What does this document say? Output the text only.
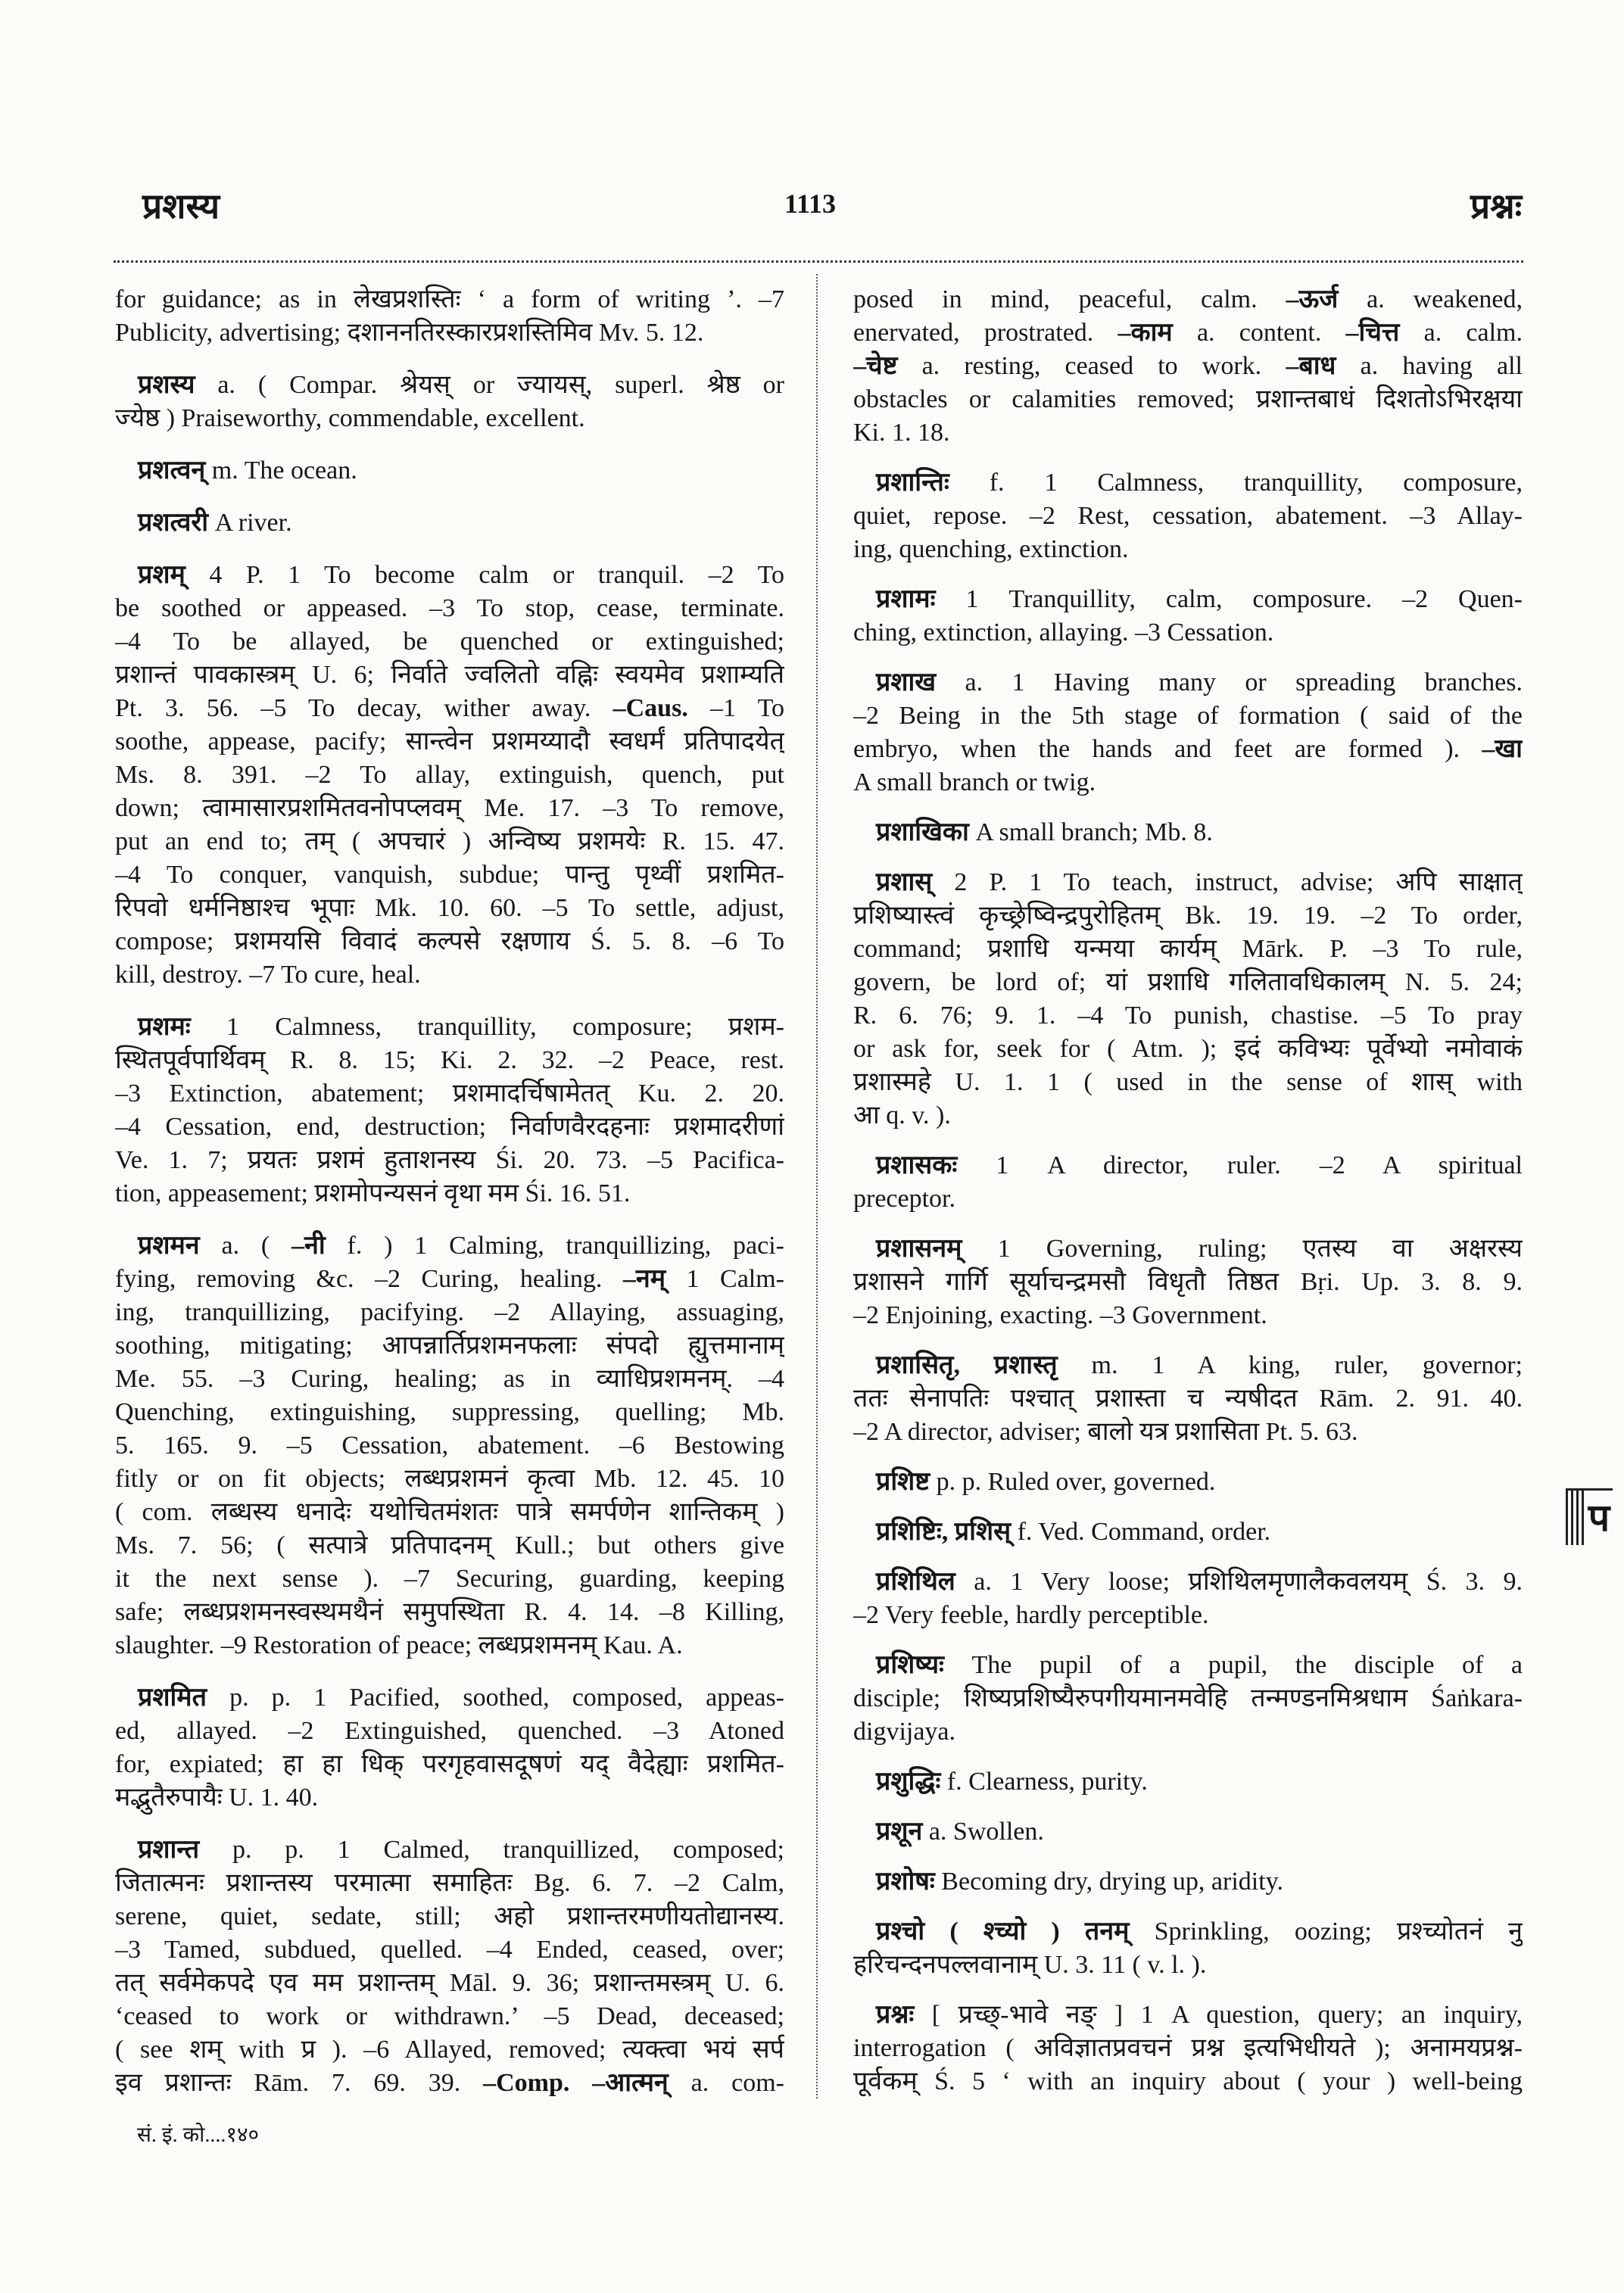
प्रशस्य	1113	प्रश्नः
for guidance; as in लेखप्रशस्तिः ‘ a form of writing ’. –7
Publicity, advertising; दशाननतिरस्कारप्रशस्तिमिव Mv. 5. 12.
प्रशस्य a. ( Compar. श्रेयस् or ज्यायस्, superl. श्रेष्ठ or
ज्येष्ठ ) Praiseworthy, commendable, excellent.
प्रशत्वन् m. The ocean.
प्रशत्वरी A river.
प्रशम् 4 P. 1 To become calm or tranquil. –2 To
be soothed or appeased. –3 To stop, cease, terminate.
–4 To be allayed, be quenched or extinguished;
प्रशान्तं पावकास्त्रम् U. 6; निर्वाते ज्वलितो वह्निः स्वयमेव प्रशाम्यति
Pt. 3. 56. –5 To decay, wither away. –Caus. –1 To
soothe, appease, pacify; सान्त्वेन प्रशमय्यादौ स्वधर्मं प्रतिपादयेत्
Ms. 8. 391. –2 To allay, extinguish, quench, put
down; त्वामासारप्रशमितवनोपप्लवम् Me. 17. –3 To remove,
put an end to; तम् ( अपचारं ) अन्विष्य प्रशमयेः R. 15. 47.
–4 To conquer, vanquish, subdue; पान्तु पृथ्वीं प्रशमित-
रिपवो धर्मनिष्ठाश्च भूपाः Mk. 10. 60. –5 To settle, adjust,
compose; प्रशमयसि विवादं कल्पसे रक्षणाय Ś. 5. 8. –6 To
kill, destroy. –7 To cure, heal.
प्रशमः 1 Calmness, tranquillity, composure; प्रशम-
स्थितपूर्वपार्थिवम् R. 8. 15; Ki. 2. 32. –2 Peace, rest.
–3 Extinction, abatement; प्रशमादर्चिषामेतत् Ku. 2. 20.
–4 Cessation, end, destruction; निर्वाणवैरदहनाः प्रशमादरीणां
Ve. 1. 7; प्रयतः प्रशमं हुताशनस्य Śi. 20. 73. –5 Pacifica-
tion, appeasement; प्रशमोपन्यसनं वृथा मम Śi. 16. 51.
प्रशमन a. ( –नी f. ) 1 Calming, tranquillizing, paci-
fying, removing &c. –2 Curing, healing. –नम् 1 Calm-
ing, tranquillizing, pacifying. –2 Allaying, assuaging,
soothing, mitigating; आपन्नार्तिप्रशमनफलाः संपदो ह्युत्तमानाम्
Me. 55. –3 Curing, healing; as in व्याधिप्रशमनम्. –4
Quenching, extinguishing, suppressing, quelling; Mb.
5. 165. 9. –5 Cessation, abatement. –6 Bestowing
fitly or on fit objects; लब्धप्रशमनं कृत्वा Mb. 12. 45. 10
( com. लब्धस्य धनादेः यथोचितमंशतः पात्रे समर्पणेन शान्तिकम् )
Ms. 7. 56; ( सत्पात्रे प्रतिपादनम् Kull.; but others give
it the next sense ). –7 Securing, guarding, keeping
safe; लब्धप्रशमनस्वस्थमथैनं समुपस्थिता R. 4. 14. –8 Killing,
slaughter. –9 Restoration of peace; लब्धप्रशमनम् Kau. A.
प्रशमित p. p. 1 Pacified, soothed, composed, appeas-
ed, allayed. –2 Extinguished, quenched. –3 Atoned
for, expiated; हा हा धिक् परगृहवासदूषणं यद् वैदेह्याः प्रशमित-
मद्भुतैरुपायैः U. 1. 40.
प्रशान्त p. p. 1 Calmed, tranquillized, composed;
जितात्मनः प्रशान्तस्य परमात्मा समाहितः Bg. 6. 7. –2 Calm,
serene, quiet, sedate, still; अहो प्रशान्तरमणीयतोद्यानस्य.
–3 Tamed, subdued, quelled. –4 Ended, ceased, over;
तत् सर्वमेकपदे एव मम प्रशान्तम् Māl. 9. 36; प्रशान्तमस्त्रम् U. 6.
‘ceased to work or withdrawn.’ –5 Dead, deceased;
( see शम् with प्र ). –6 Allayed, removed; त्यक्त्वा भयं सर्प
इव प्रशान्तः Rām. 7. 69. 39. –Comp. –आत्मन् a. com-
posed in mind, peaceful, calm. –ऊर्ज a. weakened,
enervated, prostrated. –काम a. content. –चित्त a. calm.
–चेष्ट a. resting, ceased to work. –बाध a. having all
obstacles or calamities removed; प्रशान्तबाधं दिशतोऽभिरक्षया
Ki. 1. 18.
प्रशान्तिः f. 1 Calmness, tranquillity, composure,
quiet, repose. –2 Rest, cessation, abatement. –3 Allay-
ing, quenching, extinction.
प्रशामः 1 Tranquillity, calm, composure. –2 Quen-
ching, extinction, allaying. –3 Cessation.
प्रशाख a. 1 Having many or spreading branches.
–2 Being in the 5th stage of formation ( said of the
embryo, when the hands and feet are formed ). –खा
A small branch or twig.
प्रशाखिका A small branch; Mb. 8.
प्रशास् 2 P. 1 To teach, instruct, advise; अपि साक्षात्
प्रशिष्यास्त्वं कृच्छ्रेष्विन्द्रपुरोहितम् Bk. 19. 19. –2 To order,
command; प्रशाधि यन्मया कार्यम् Mārk. P. –3 To rule,
govern, be lord of; यां प्रशाधि गलितावधिकालम् N. 5. 24;
R. 6. 76; 9. 1. –4 To punish, chastise. –5 To pray
or ask for, seek for ( Atm. ); इदं कविभ्यः पूर्वेभ्यो नमोवाकं
प्रशास्महे U. 1. 1 ( used in the sense of शास् with
आ q. v. ).
प्रशासकः 1 A director, ruler. –2 A spiritual
preceptor.
प्रशासनम् 1 Governing, ruling; एतस्य वा अक्षरस्य
प्रशासने गार्गि सूर्याचन्द्रमसौ विधृतौ तिष्ठत Bṛi. Up. 3. 8. 9.
–2 Enjoining, exacting. –3 Government.
प्रशासितृ, प्रशास्तृ m. 1 A king, ruler, governor;
ततः सेनापतिः पश्चात् प्रशास्ता च न्यषीदत Rām. 2. 91. 40.
–2 A director, adviser; बालो यत्र प्रशासिता Pt. 5. 63.
प्रशिष्ट p. p. Ruled over, governed.
प्रशिष्टिः, प्रशिस् f. Ved. Command, order.
प्रशिथिल a. 1 Very loose; प्रशिथिलमृणालैकवलयम् Ś. 3. 9.
–2 Very feeble, hardly perceptible.
प्रशिष्यः The pupil of a pupil, the disciple of a
disciple; शिष्यप्रशिष्यैरुपगीयमानमवेहि तन्मण्डनमिश्रधाम Śaṅkara-
digvijaya.
प्रशुद्धिः f. Clearness, purity.
प्रशून a. Swollen.
प्रशोषः Becoming dry, drying up, aridity.
प्रश्चो ( श्च्यो ) तनम् Sprinkling, oozing; प्रश्च्योतनं नु
हरिचन्दनपल्लवानाम् U. 3. 11 ( v. l. ).
प्रश्नः [ प्रच्छ्-भावे नङ् ] 1 A question, query; an inquiry,
interrogation ( अविज्ञातप्रवचनं प्रश्न इत्यभिधीयते ); अनामयप्रश्न-
पूर्वकम् Ś. 5 ‘ with an inquiry about ( your ) well-being
सं. इं. को....१४०
प
